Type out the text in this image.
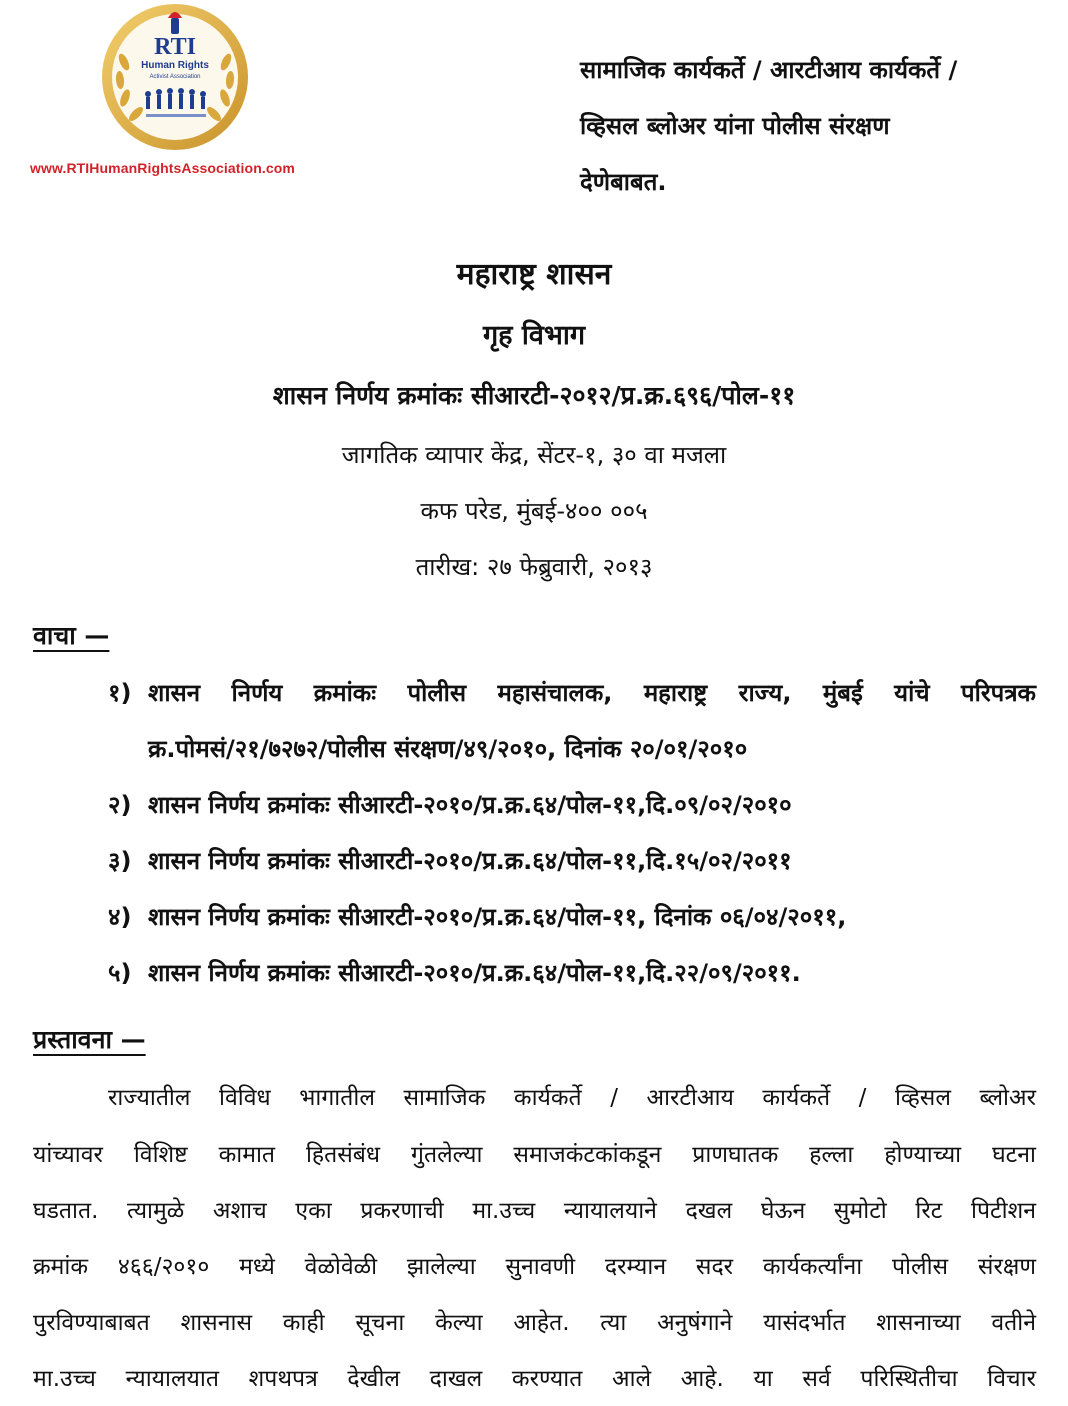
RTI
Human Rights
Activist Association
www.RTIHumanRightsAssociation.com
सामाजिक कार्यकर्ते / आरटीआय कार्यकर्ते /
व्हिसल ब्लोअर यांना पोलीस संरक्षण
देणेबाबत.
महाराष्ट्र शासन
गृह विभाग
शासन निर्णय क्रमांकः सीआरटी-२०१२/प्र.क्र.६९६/पोल-११
जागतिक व्यापार केंद्र, सेंटर-१, ३० वा मजला
कफ परेड, मुंबई-४०० ००५
तारीख: २७ फेब्रुवारी, २०१३
वाचा —
१) शासन निर्णय क्रमांकः पोलीस महासंचालक, महाराष्ट्र राज्य, मुंबई यांचे परिपत्रक
क्र.पोमसं/२१/७२७२/पोलीस संरक्षण/४९/२०१०, दिनांक २०/०१/२०१०
२) शासन निर्णय क्रमांकः सीआरटी-२०१०/प्र.क्र.६४/पोल-११,दि.०९/०२/२०१०
३) शासन निर्णय क्रमांकः सीआरटी-२०१०/प्र.क्र.६४/पोल-११,दि.१५/०२/२०११
४) शासन निर्णय क्रमांकः सीआरटी-२०१०/प्र.क्र.६४/पोल-११, दिनांक ०६/०४/२०११,
५) शासन निर्णय क्रमांकः सीआरटी-२०१०/प्र.क्र.६४/पोल-११,दि.२२/०९/२०११.
प्रस्तावना —
राज्यातील विविध भागातील सामाजिक कार्यकर्ते / आरटीआय कार्यकर्ते / व्हिसल ब्लोअर
यांच्यावर विशिष्ट कामात हितसंबंध गुंतलेल्या समाजकंटकांकडून प्राणघातक हल्ला होण्याच्या घटना
घडतात. त्यामुळे अशाच एका प्रकरणाची मा.उच्च न्यायालयाने दखल घेऊन सुमोटो रिट पिटीशन
क्रमांक ४६६/२०१० मध्ये वेळोवेळी झालेल्या सुनावणी दरम्यान सदर कार्यकर्त्यांना पोलीस संरक्षण
पुरविण्याबाबत शासनास काही सूचना केल्या आहेत. त्या अनुषंगाने यासंदर्भात शासनाच्या वतीने
मा.उच्च न्यायालयात शपथपत्र देखील दाखल करण्यात आले आहे. या सर्व परिस्थितीचा विचार
